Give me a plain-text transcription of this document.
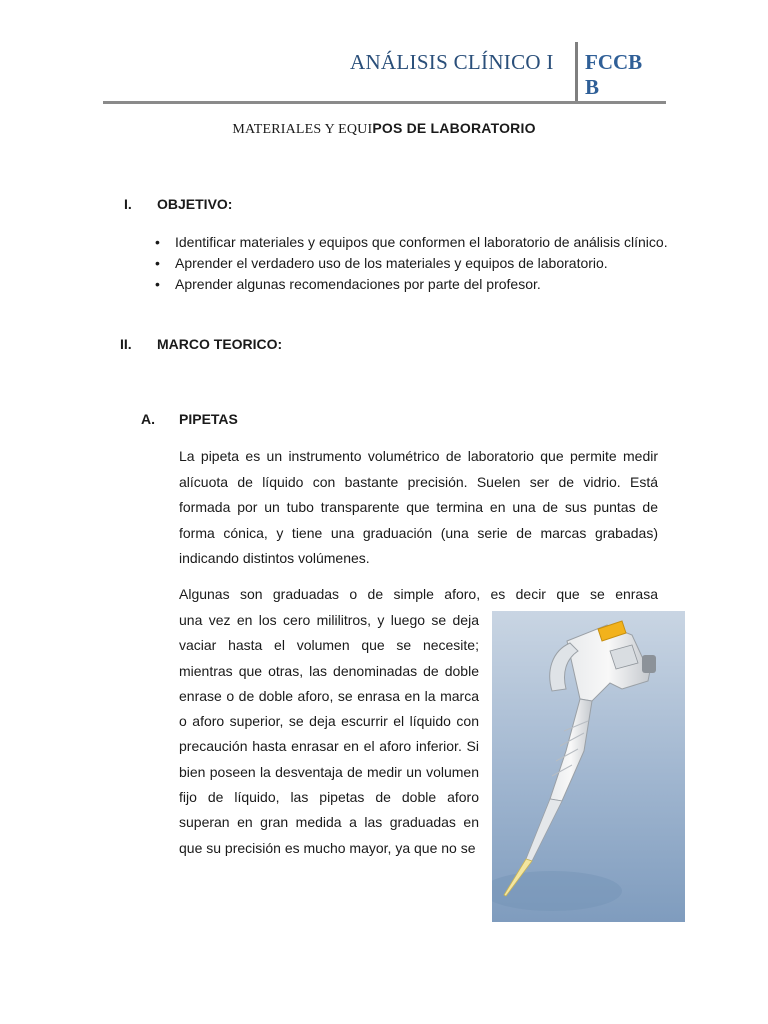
ANÁLISIS CLÍNICO I FCCBB
MATERIALES Y EQUIPOS DE LABORATORIO
I. OBJETIVO:
• Identificar materiales y equipos que conformen el laboratorio de análisis clínico.
• Aprender el verdadero uso de los materiales y equipos de laboratorio.
• Aprender algunas recomendaciones por parte del profesor.
II. MARCO TEORICO:
A. PIPETAS
La pipeta es un instrumento volumétrico de laboratorio que permite medir alícuota de líquido con bastante precisión. Suelen ser de vidrio. Está formada por un tubo transparente que termina en una de sus puntas de forma cónica, y tiene una graduación (una serie de marcas grabadas) indicando distintos volúmenes.
Algunas son graduadas o de simple aforo, es decir que se enrasa
una vez en los cero mililitros, y luego se deja vaciar hasta el volumen que se necesite; mientras que otras, las denominadas de doble enrase o de doble aforo, se enrasa en la marca o aforo superior, se deja escurrir el líquido con precaución hasta enrasar en el aforo inferior. Si bien poseen la desventaja de medir un volumen fijo de líquido, las pipetas de doble aforo superan en gran medida a las graduadas en que su precisión es mucho mayor, ya que no se
